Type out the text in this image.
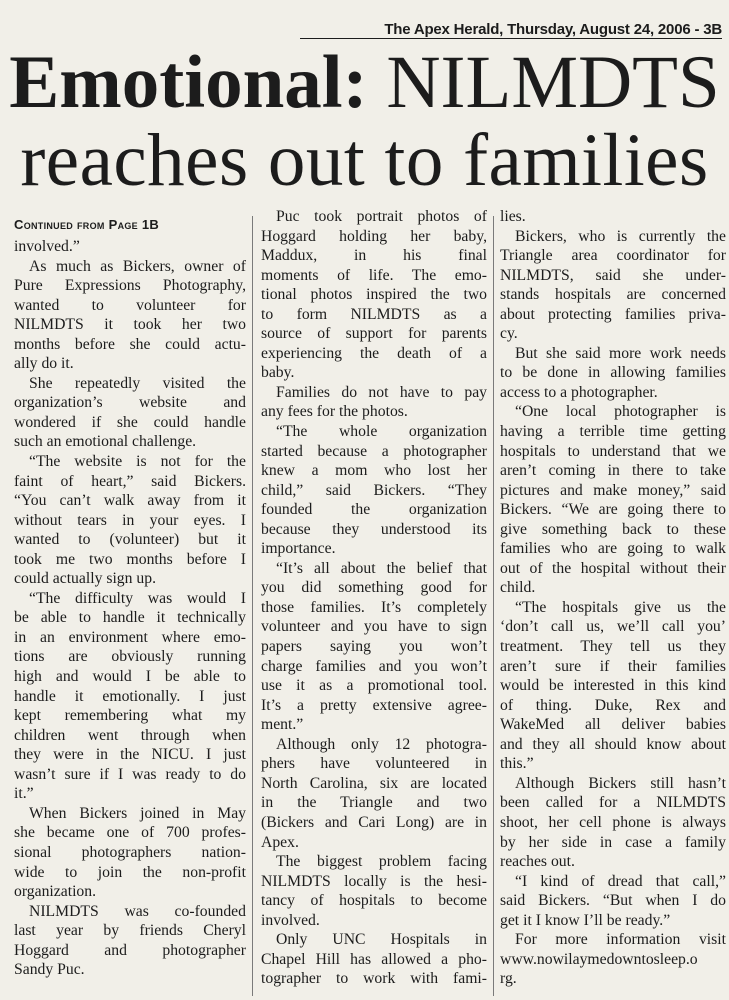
The Apex Herald, Thursday, August 24, 2006 - 3B
Emotional: NILMDTS
reaches out to families
Continued from Page 1B
involved.”
As much as Bickers, owner of
Pure Expressions Photography,
wanted to volunteer for
NILMDTS it took her two
months before she could actu-
ally do it.
She repeatedly visited the
organization’s website and
wondered if she could handle
such an emotional challenge.
“The website is not for the
faint of heart,” said Bickers.
“You can’t walk away from it
without tears in your eyes. I
wanted to (volunteer) but it
took me two months before I
could actually sign up.
“The difficulty was would I
be able to handle it technically
in an environment where emo-
tions are obviously running
high and would I be able to
handle it emotionally. I just
kept remembering what my
children went through when
they were in the NICU. I just
wasn’t sure if I was ready to do
it.”
When Bickers joined in May
she became one of 700 profes-
sional photographers nation-
wide to join the non-profit
organization.
NILMDTS was co-founded
last year by friends Cheryl
Hoggard and photographer
Sandy Puc.
Puc took portrait photos of
Hoggard holding her baby,
Maddux, in his final
moments of life. The emo-
tional photos inspired the two
to form NILMDTS as a
source of support for parents
experiencing the death of a
baby.
Families do not have to pay
any fees for the photos.
“The whole organization
started because a photographer
knew a mom who lost her
child,” said Bickers. “They
founded the organization
because they understood its
importance.
“It’s all about the belief that
you did something good for
those families. It’s completely
volunteer and you have to sign
papers saying you won’t
charge families and you won’t
use it as a promotional tool.
It’s a pretty extensive agree-
ment.”
Although only 12 photogra-
phers have volunteered in
North Carolina, six are located
in the Triangle and two
(Bickers and Cari Long) are in
Apex.
The biggest problem facing
NILMDTS locally is the hesi-
tancy of hospitals to become
involved.
Only UNC Hospitals in
Chapel Hill has allowed a pho-
tographer to work with fami-
lies.
Bickers, who is currently the
Triangle area coordinator for
NILMDTS, said she under-
stands hospitals are concerned
about protecting families priva-
cy.
But she said more work needs
to be done in allowing families
access to a photographer.
“One local photographer is
having a terrible time getting
hospitals to understand that we
aren’t coming in there to take
pictures and make money,” said
Bickers. “We are going there to
give something back to these
families who are going to walk
out of the hospital without their
child.
“The hospitals give us the
‘don’t call us, we’ll call you’
treatment. They tell us they
aren’t sure if their families
would be interested in this kind
of thing. Duke, Rex and
WakeMed all deliver babies
and they all should know about
this.”
Although Bickers still hasn’t
been called for a NILMDTS
shoot, her cell phone is always
by her side in case a family
reaches out.
“I kind of dread that call,”
said Bickers. “But when I do
get it I know I’ll be ready.”
For more information visit
www.nowilaymedowntosleep.o
rg.
